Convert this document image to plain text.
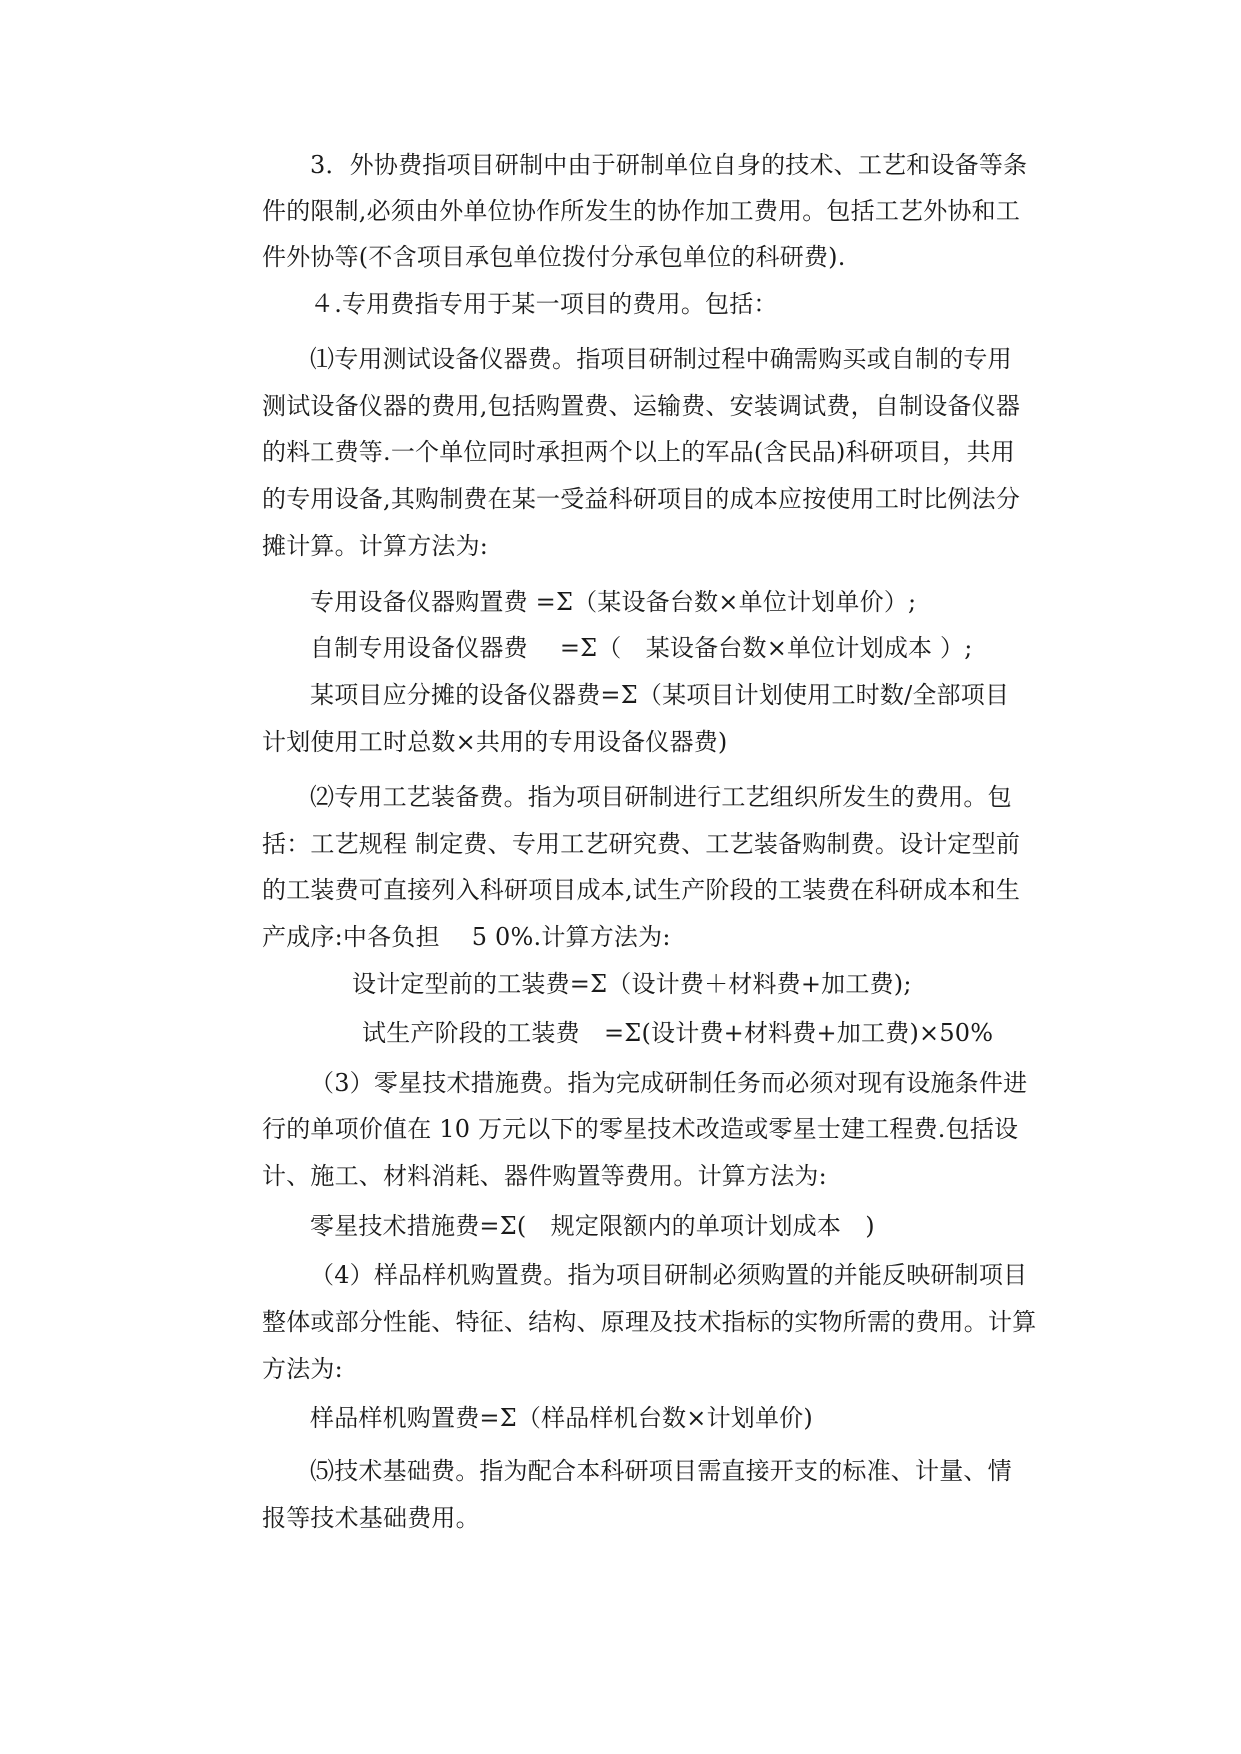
3．外协费指项目研制中由于研制单位自身的技术、工艺和设备等条
件的限制,必须由外单位协作所发生的协作加工费用。包括工艺外协和工
件外协等(不含项目承包单位拨付分承包单位的科研费).
４.专用费指专用于某一项目的费用。包括：
⑴专用测试设备仪器费。指项目研制过程中确需购买或自制的专用
测试设备仪器的费用,包括购置费、运输费、安装调试费，自制设备仪器
的料工费等.一个单位同时承担两个以上的军品(含民品)科研项目，共用
的专用设备,其购制费在某一受益科研项目的成本应按使用工时比例法分
摊计算。计算方法为:
专用设备仪器购置费 =Σ（某设备台数×单位计划单价）;
自制专用设备仪器费　 =Σ（　某设备台数×单位计划成本 ）;
某项目应分摊的设备仪器费=Σ（某项目计划使用工时数/全部项目
计划使用工时总数×共用的专用设备仪器费)
⑵专用工艺装备费。指为项目研制进行工艺组织所发生的费用。包
括：工艺规程 制定费、专用工艺研究费、工艺装备购制费。设计定型前
的工装费可直接列入科研项目成本,试生产阶段的工装费在科研成本和生
产成序:中各负担　 5 0%.计算方法为:
设计定型前的工装费=Σ（设计费＋材料费+加工费);
试生产阶段的工装费　=Σ(设计费+材料费+加工费)×50%
（3）零星技术措施费。指为完成研制任务而必须对现有设施条件进
行的单项价值在 10 万元以下的零星技术改造或零星士建工程费.包括设
计、施工、材料消耗、器件购置等费用。计算方法为:
零星技术措施费=Σ(　规定限额内的单项计划成本　)
（4）样品样机购置费。指为项目研制必须购置的并能反映研制项目
整体或部分性能、特征、结构、原理及技术指标的实物所需的费用。计算
方法为:
样品样机购置费=Σ（样品样机台数×计划单价)
⑸技术基础费。指为配合本科研项目需直接开支的标准、计量、情
报等技术基础费用。
